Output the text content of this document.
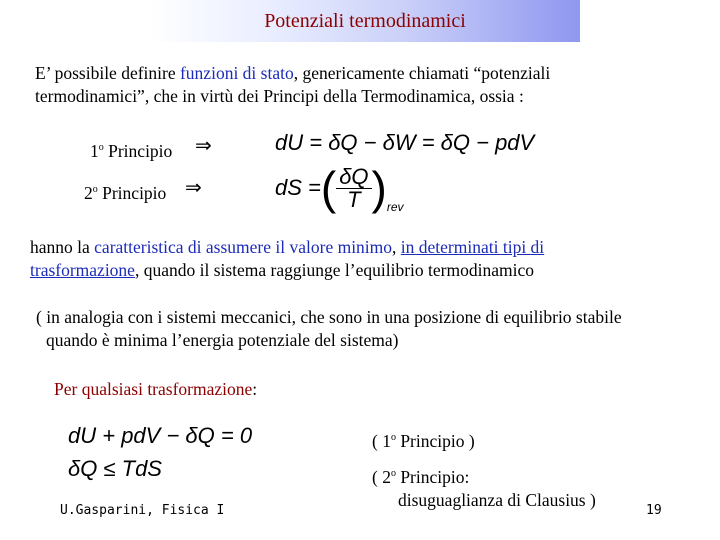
Potenziali termodinamici
E’ possibile definire funzioni di stato, genericamente chiamati “potenziali
termodinamici”, che in virtù dei Principi della Termodinamica, ossia :
1$^o$ Principio ⇒	dU = δQ − δW = δQ − pdV
2$^o$ Principio ⇒	dS = ( $\frac{\delta Q}{T}$ ) rev
hanno la caratteristica di assumere il valore minimo, in determinati tipi di
trasformazione, quando il sistema raggiunge l’equilibrio termodinamico
( in analogia con i sistemi meccanici, che sono in una posizione di equilibrio stabile
quando è minima l’energia potenziale del sistema)
Per qualsiasi trasformazione:
dU + pdV − δQ = 0
δQ ≤ TdS
( 1$^o$ Principio )
( 2$^o$ Principio:
disuguaglianza di Clausius )
U.Gasparini, Fisica I	19
